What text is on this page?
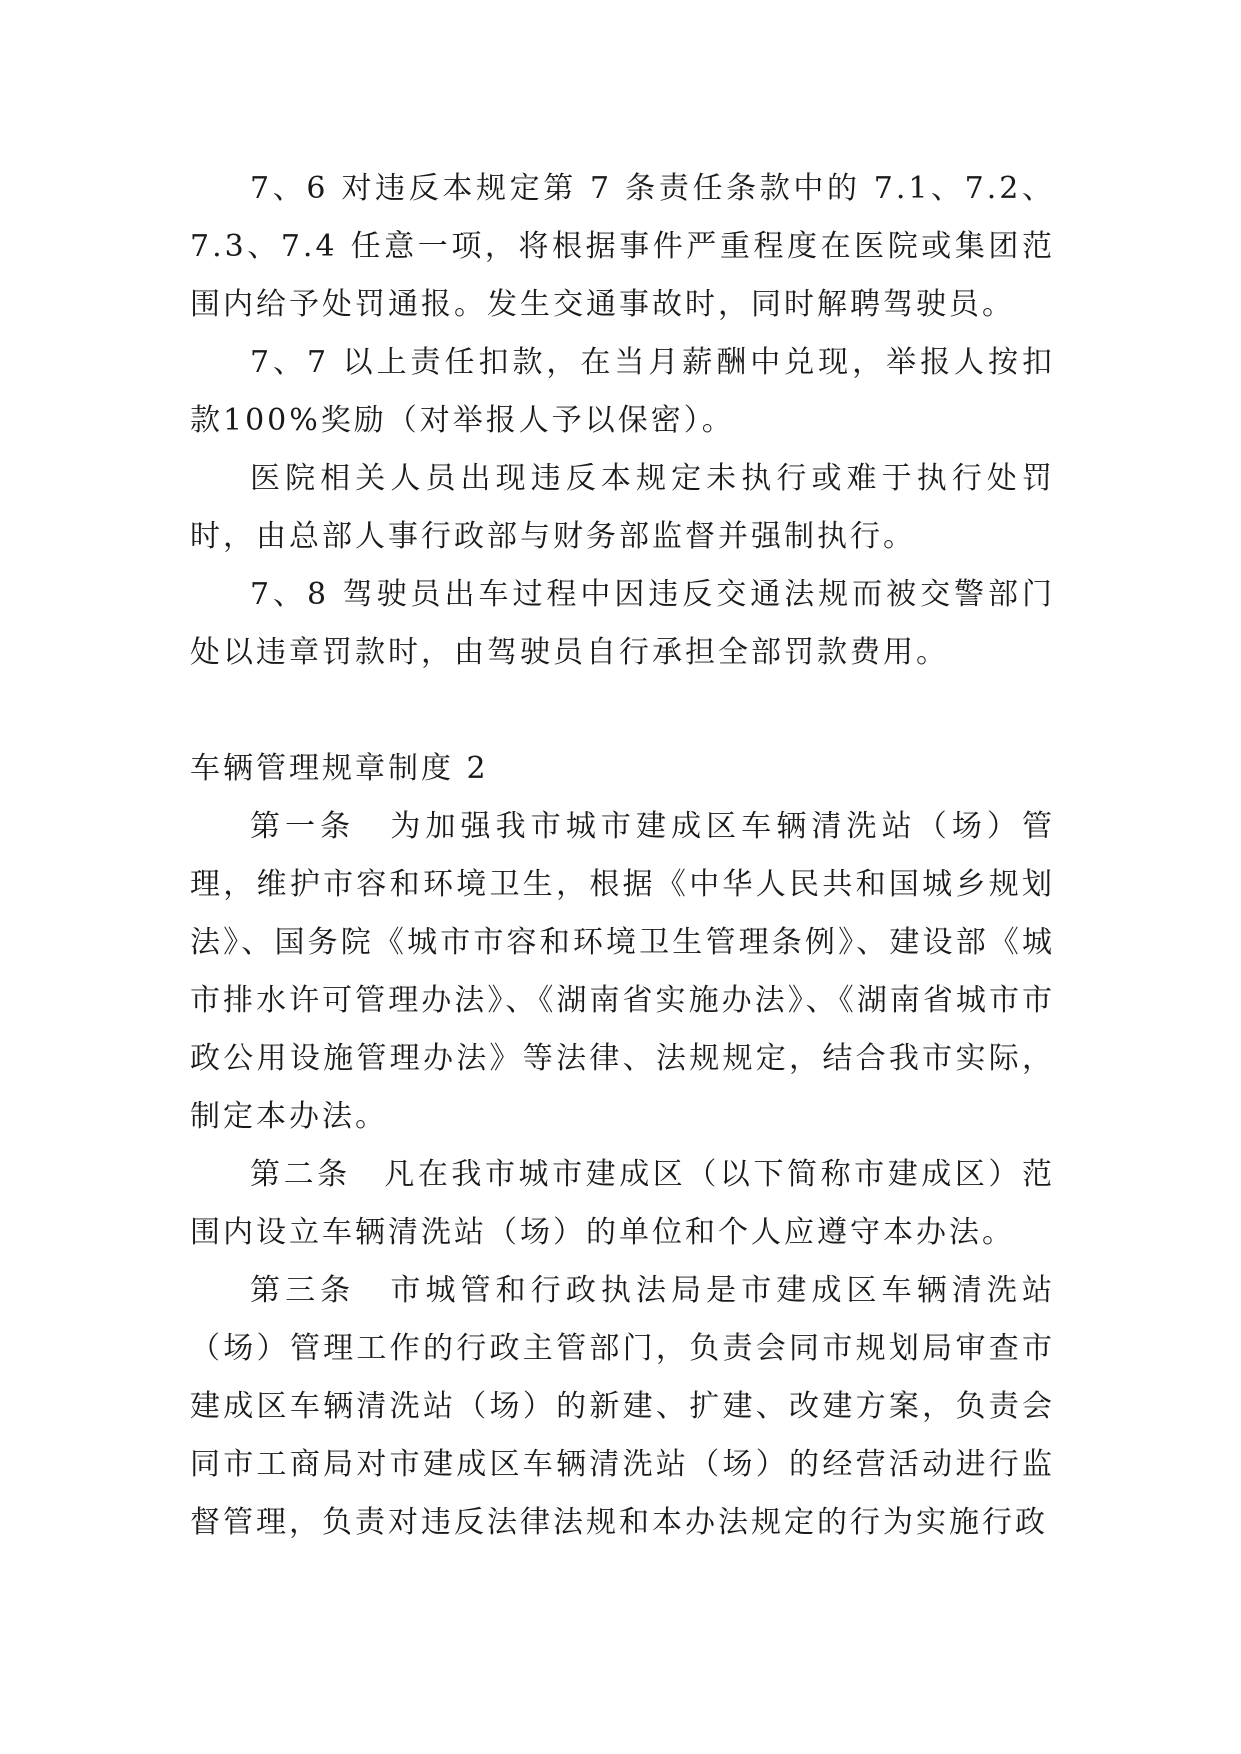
7、6 对违反本规定第 7 条责任条款中的 7.1、7.2、7.3、7.4 任意一项，将根据事件严重程度在医院或集团范围内给予处罚通报。发生交通事故时，同时解聘驾驶员。

7、7 以上责任扣款，在当月薪酬中兑现，举报人按扣款100%奖励（对举报人予以保密）。

医院相关人员出现违反本规定未执行或难于执行处罚时，由总部人事行政部与财务部监督并强制执行。

7、8 驾驶员出车过程中因违反交通法规而被交警部门处以违章罚款时，由驾驶员自行承担全部罚款费用。

车辆管理规章制度 2

第一条　为加强我市城市建成区车辆清洗站（场）管理，维护市容和环境卫生，根据《中华人民共和国城乡规划法》、国务院《城市市容和环境卫生管理条例》、建设部《城市排水许可管理办法》、《湖南省实施办法》、《湖南省城市市政公用设施管理办法》等法律、法规规定，结合我市实际，制定本办法。

第二条　凡在我市城市建成区（以下简称市建成区）范围内设立车辆清洗站（场）的单位和个人应遵守本办法。

第三条　市城管和行政执法局是市建成区车辆清洗站（场）管理工作的行政主管部门，负责会同市规划局审查市建成区车辆清洗站（场）的新建、扩建、改建方案，负责会同市工商局对市建成区车辆清洗站（场）的经营活动进行监督管理，负责对违反法律法规和本办法规定的行为实施行政
